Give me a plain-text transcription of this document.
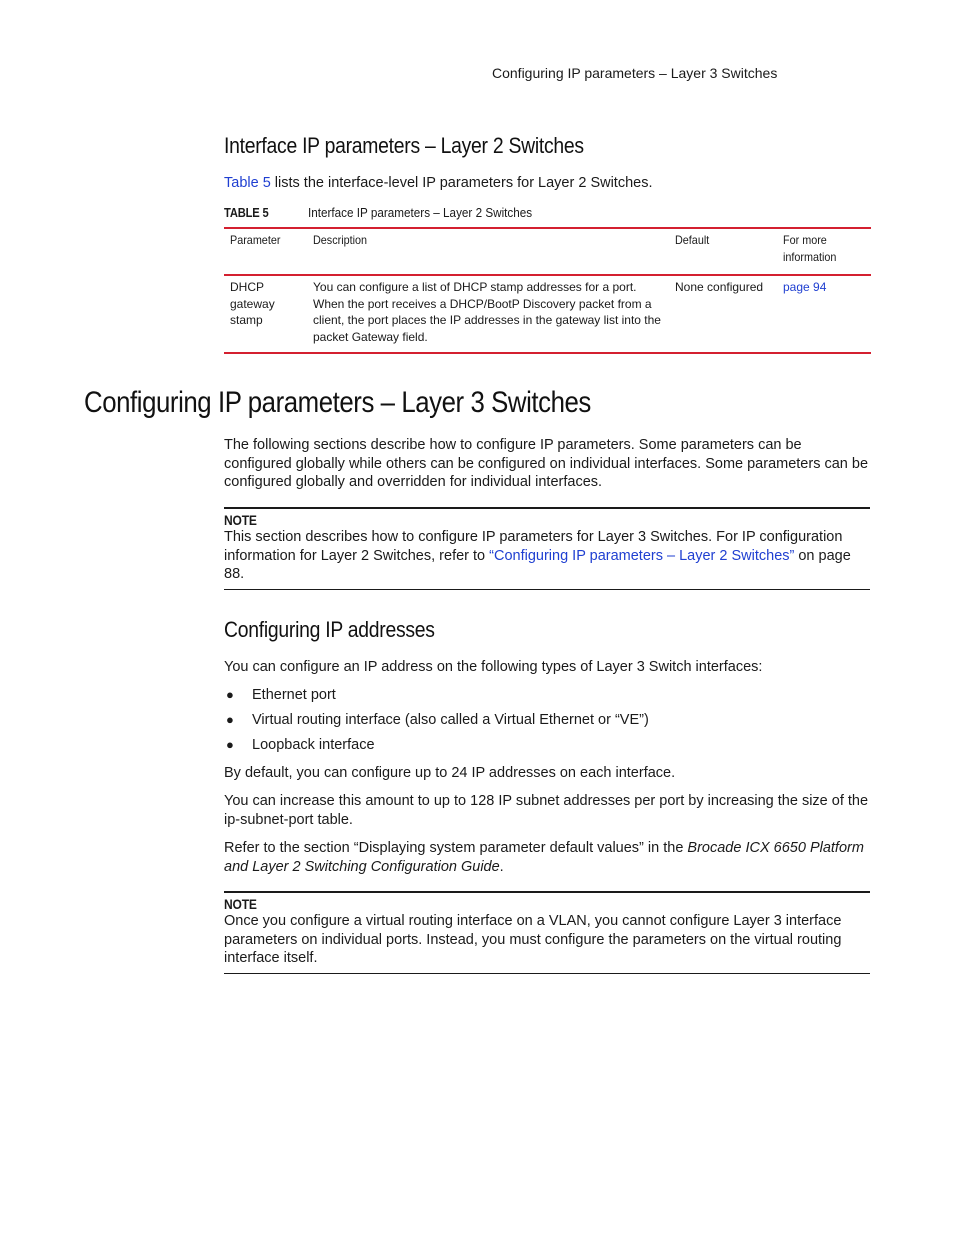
Configuring IP parameters – Layer 3 Switches
Interface IP parameters – Layer 2 Switches
Table 5 lists the interface-level IP parameters for Layer 2 Switches.
TABLE 5	Interface IP parameters – Layer 2 Switches
Parameter	Description	Default	For more information
DHCP gateway stamp	You can configure a list of DHCP stamp addresses for a port. When the port receives a DHCP/BootP Discovery packet from a client, the port places the IP addresses in the gateway list into the packet Gateway field.	None configured	page 94
Configuring IP parameters – Layer 3 Switches
The following sections describe how to configure IP parameters. Some parameters can be configured globally while others can be configured on individual interfaces. Some parameters can be configured globally and overridden for individual interfaces.
NOTE
This section describes how to configure IP parameters for Layer 3 Switches. For IP configuration information for Layer 2 Switches, refer to “Configuring IP parameters – Layer 2 Switches” on page 88.
Configuring IP addresses
You can configure an IP address on the following types of Layer 3 Switch interfaces:
● Ethernet port
● Virtual routing interface (also called a Virtual Ethernet or “VE”)
● Loopback interface
By default, you can configure up to 24 IP addresses on each interface.
You can increase this amount to up to 128 IP subnet addresses per port by increasing the size of the ip-subnet-port table.
Refer to the section “Displaying system parameter default values” in the Brocade ICX 6650 Platform and Layer 2 Switching Configuration Guide.
NOTE
Once you configure a virtual routing interface on a VLAN, you cannot configure Layer 3 interface parameters on individual ports. Instead, you must configure the parameters on the virtual routing interface itself.
